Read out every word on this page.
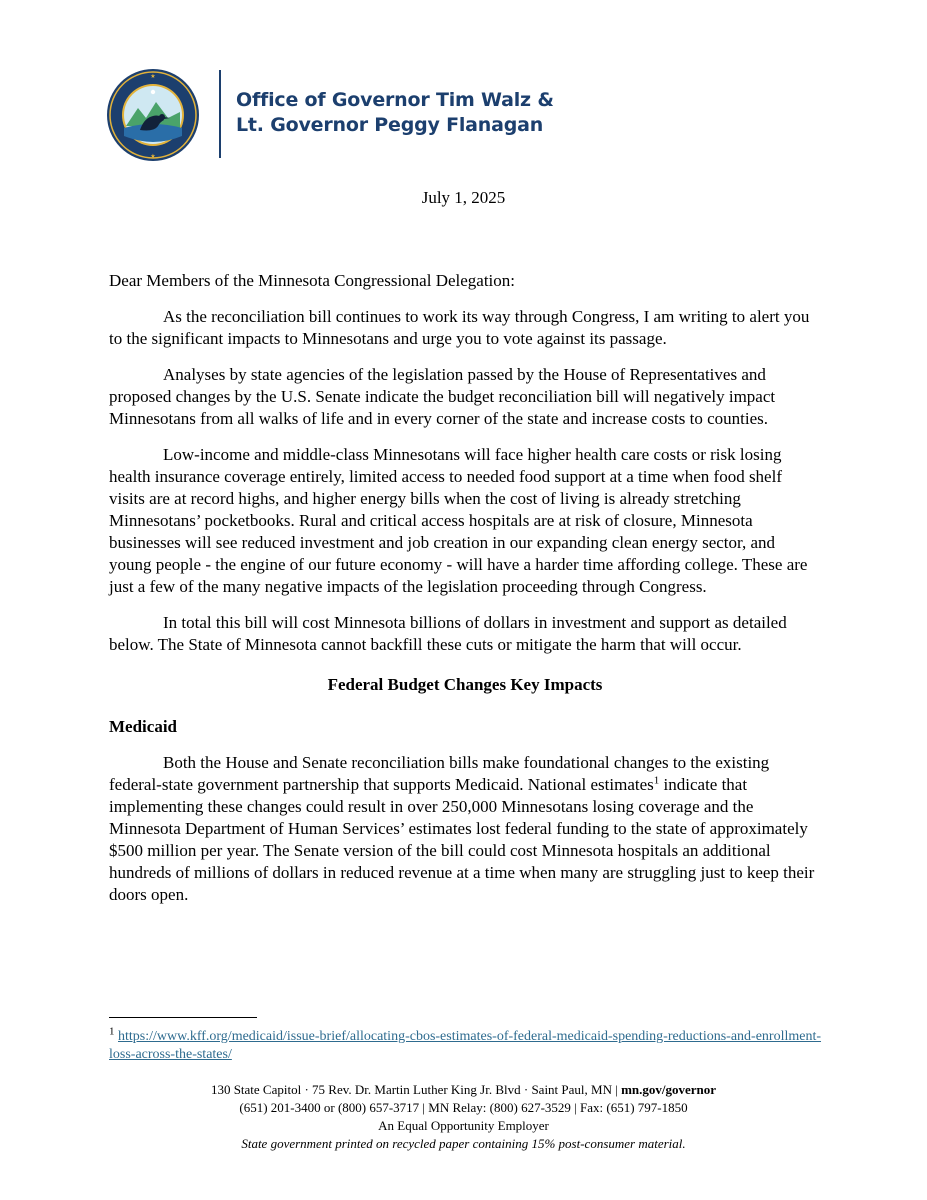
★
★
Office of Governor Tim Walz &
Lt. Governor Peggy Flanagan
July 1, 2025

Dear Members of the Minnesota Congressional Delegation:

As the reconciliation bill continues to work its way through Congress, I am writing to alert you to the significant impacts to Minnesotans and urge you to vote against its passage.

Analyses by state agencies of the legislation passed by the House of Representatives and proposed changes by the U.S. Senate indicate the budget reconciliation bill will negatively impact Minnesotans from all walks of life and in every corner of the state and increase costs to counties.

Low-income and middle-class Minnesotans will face higher health care costs or risk losing health insurance coverage entirely, limited access to needed food support at a time when food shelf visits are at record highs, and higher energy bills when the cost of living is already stretching Minnesotans’ pocketbooks. Rural and critical access hospitals are at risk of closure, Minnesota businesses will see reduced investment and job creation in our expanding clean energy sector, and young people - the engine of our future economy - will have a harder time affording college. These are just a few of the many negative impacts of the legislation proceeding through Congress.

In total this bill will cost Minnesota billions of dollars in investment and support as detailed below. The State of Minnesota cannot backfill these cuts or mitigate the harm that will occur.

Federal Budget Changes Key Impacts

Medicaid

Both the House and Senate reconciliation bills make foundational changes to the existing federal-state government partnership that supports Medicaid. National estimates$^1$ indicate that implementing these changes could result in over 250,000 Minnesotans losing coverage and the Minnesota Department of Human Services’ estimates lost federal funding to the state of approximately $500 million per year. The Senate version of the bill could cost Minnesota hospitals an additional hundreds of millions of dollars in reduced revenue at a time when many are struggling just to keep their doors open.

$^1$ https://www.kff.org/medicaid/issue-brief/allocating-cbos-estimates-of-federal-medicaid-spending-reductions-and-enrollment-loss-across-the-states/
130 State Capitol · 75 Rev. Dr. Martin Luther King Jr. Blvd · Saint Paul, MN | mn.gov/governor
(651) 201-3400 or (800) 657-3717 | MN Relay: (800) 627-3529 | Fax: (651) 797-1850
An Equal Opportunity Employer
State government printed on recycled paper containing 15% post-consumer material.
